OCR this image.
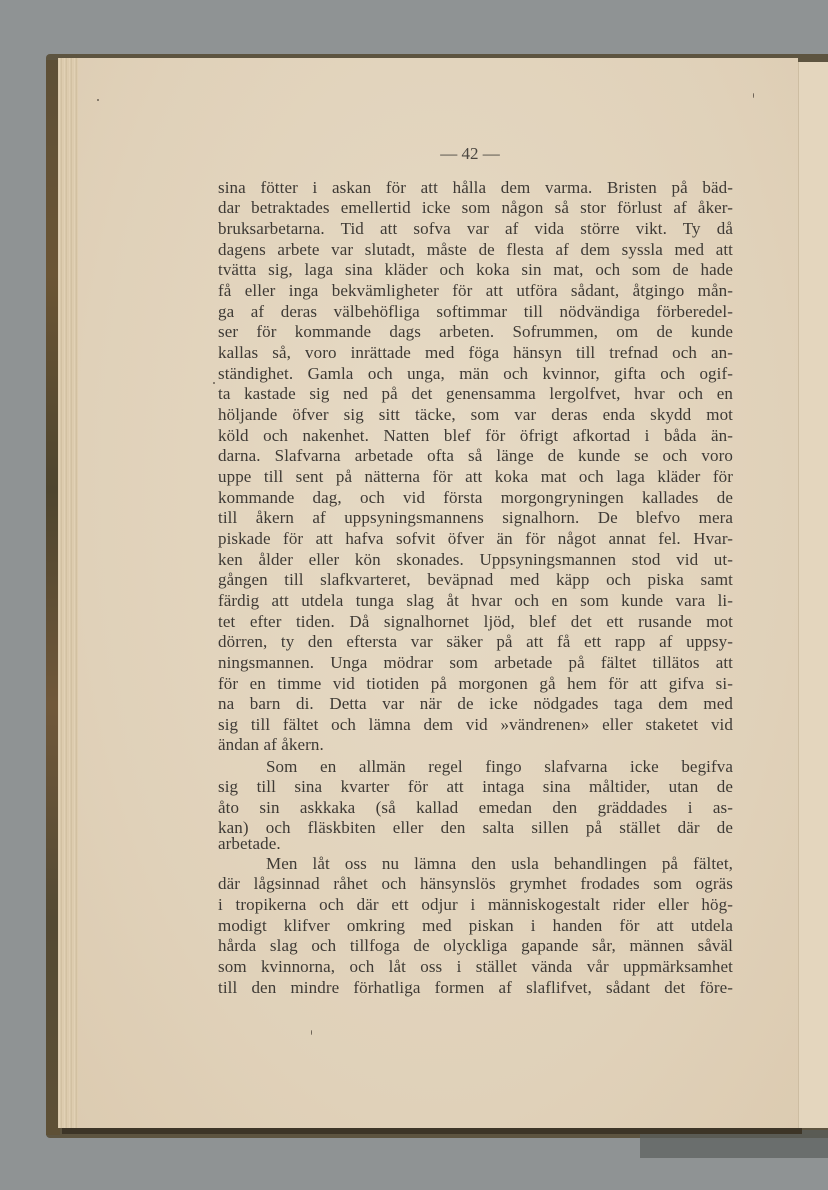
— 42 —
sina fötter i askan för att hålla dem varma. Bristen på bäd-
dar betraktades emellertid icke som någon så stor förlust af åker-
bruksarbetarna. Tid att sofva var af vida större vikt. Ty då
dagens arbete var slutadt, måste de flesta af dem syssla med att
tvätta sig, laga sina kläder och koka sin mat, och som de hade
få eller inga bekvämligheter för att utföra sådant, åtgingo mån-
ga af deras välbehöfliga softimmar till nödvändiga förberedel-
ser för kommande dags arbeten. Sofrummen, om de kunde
kallas så, voro inrättade med föga hänsyn till trefnad och an-
ständighet. Gamla och unga, män och kvinnor, gifta och ogif-
ta kastade sig ned på det genensamma lergolfvet, hvar och en
höljande öfver sig sitt täcke, som var deras enda skydd mot
köld och nakenhet. Natten blef för öfrigt afkortad i båda än-
darna. Slafvarna arbetade ofta så länge de kunde se och voro
uppe till sent på nätterna för att koka mat och laga kläder för
kommande dag, och vid första morgongryningen kallades de
till åkern af uppsyningsmannens signalhorn. De blefvo mera
piskade för att hafva sofvit öfver än för något annat fel. Hvar-
ken ålder eller kön skonades. Uppsyningsmannen stod vid ut-
gången till slafkvarteret, beväpnad med käpp och piska samt
färdig att utdela tunga slag åt hvar och en som kunde vara li-
tet efter tiden. Då signalhornet ljöd, blef det ett rusande mot
dörren, ty den eftersta var säker på att få ett rapp af uppsy-
ningsmannen. Unga mödrar som arbetade på fältet tillätos att
för en timme vid tiotiden på morgonen gå hem för att gifva si-
na barn di. Detta var när de icke nödgades taga dem med
sig till fältet och lämna dem vid »vändrenen» eller staketet vid
ändan af åkern.
Som en allmän regel fingo slafvarna icke begifva
sig till sina kvarter för att intaga sina måltider, utan de
åto sin askkaka (så kallad emedan den gräddades i as-
kan) och fläskbiten eller den salta sillen på stället där de
arbetade.
Men låt oss nu lämna den usla behandlingen på fältet,
där lågsinnad råhet och hänsynslös grymhet frodades som ogräs
i tropikerna och där ett odjur i människogestalt rider eller hög-
modigt klifver omkring med piskan i handen för att utdela
hårda slag och tillfoga de olyckliga gapande sår, männen såväl
som kvinnorna, och låt oss i stället vända vår uppmärksamhet
till den mindre förhatliga formen af slaflifvet, sådant det före-
